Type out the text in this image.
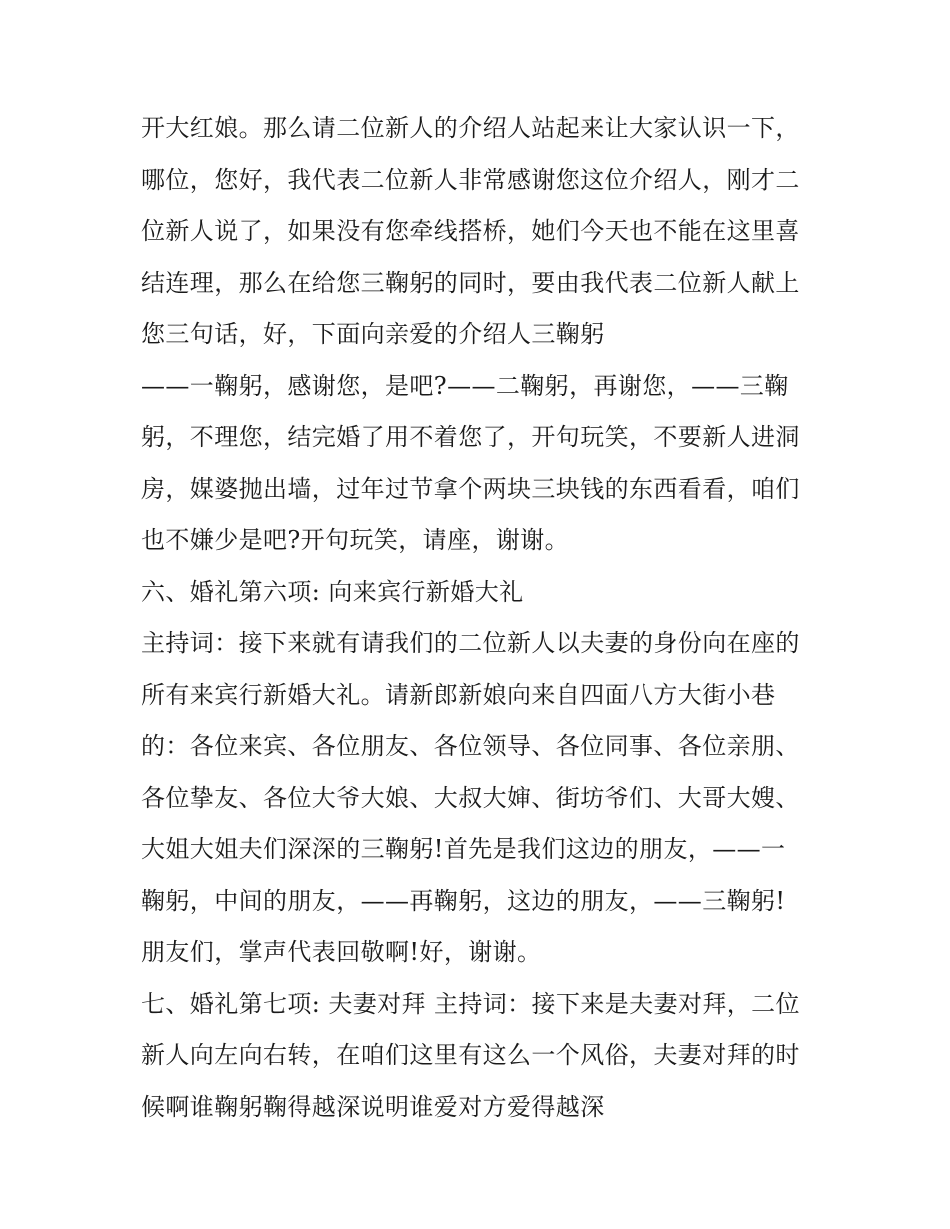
开大红娘。那么请二位新人的介绍人站起来让大家认识一下，
哪位，您好，我代表二位新人非常感谢您这位介绍人，刚才二
位新人说了，如果没有您牵线搭桥，她们今天也不能在这里喜
结连理，那么在给您三鞠躬的同时，要由我代表二位新人献上
您三句话，好，下面向亲爱的介绍人三鞠躬
——一鞠躬，感谢您，是吧?——二鞠躬，再谢您，——三鞠
躬，不理您，结完婚了用不着您了，开句玩笑，不要新人进洞
房，媒婆抛出墙，过年过节拿个两块三块钱的东西看看，咱们
也不嫌少是吧?开句玩笑，请座，谢谢。
六、婚礼第六项: 向来宾行新婚大礼
主持词：接下来就有请我们的二位新人以夫妻的身份向在座的
所有来宾行新婚大礼。请新郎新娘向来自四面八方大街小巷
的：各位来宾、各位朋友、各位领导、各位同事、各位亲朋、
各位挚友、各位大爷大娘、大叔大婶、街坊爷们、大哥大嫂、
大姐大姐夫们深深的三鞠躬!首先是我们这边的朋友，——一
鞠躬，中间的朋友，——再鞠躬，这边的朋友，——三鞠躬!
朋友们，掌声代表回敬啊!好，谢谢。
七、婚礼第七项: 夫妻对拜 主持词：接下来是夫妻对拜，二位
新人向左向右转，在咱们这里有这么一个风俗，夫妻对拜的时
候啊谁鞠躬鞠得越深说明谁爱对方爱得越深
